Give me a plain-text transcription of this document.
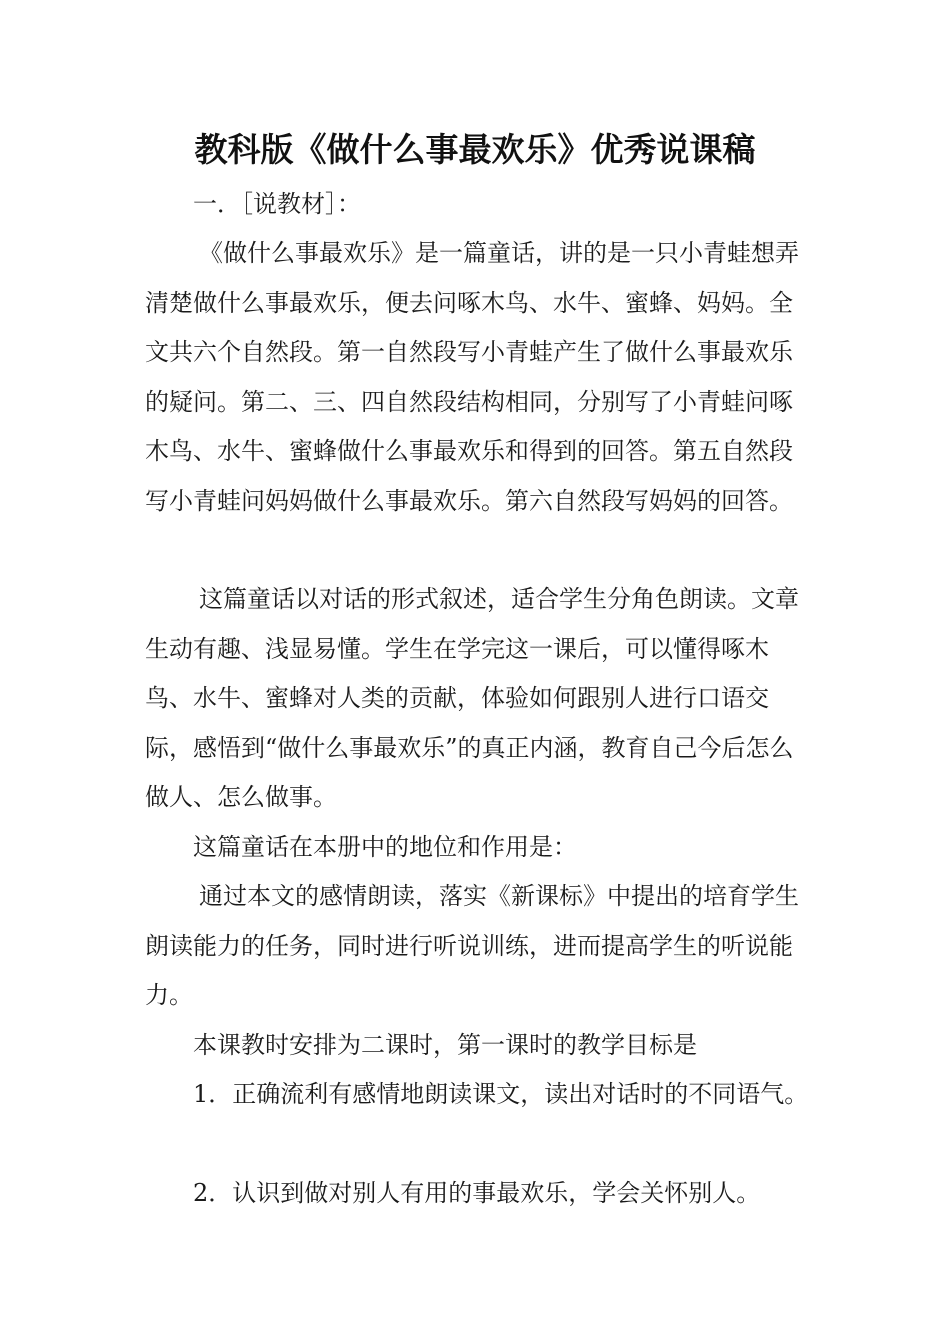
教科版《做什么事最欢乐》优秀说课稿

一．［说教材］：

《做什么事最欢乐》是一篇童话，讲的是一只小青蛙想弄清楚做什么事最欢乐，便去问啄木鸟、水牛、蜜蜂、妈妈。全文共六个自然段。第一自然段写小青蛙产生了做什么事最欢乐的疑问。第二、三、四自然段结构相同，分别写了小青蛙问啄木鸟、水牛、蜜蜂做什么事最欢乐和得到的回答。第五自然段写小青蛙问妈妈做什么事最欢乐。第六自然段写妈妈的回答。

这篇童话以对话的形式叙述，适合学生分角色朗读。文章生动有趣、浅显易懂。学生在学完这一课后，可以懂得啄木鸟、水牛、蜜蜂对人类的贡献，体验如何跟别人进行口语交际，感悟到“做什么事最欢乐”的真正内涵，教育自己今后怎么做人、怎么做事。

这篇童话在本册中的地位和作用是：

通过本文的感情朗读，落实《新课标》中提出的培育学生朗读能力的任务，同时进行听说训练，进而提高学生的听说能力。

本课教时安排为二课时，第一课时的教学目标是

1．正确流利有感情地朗读课文，读出对话时的不同语气。

2．认识到做对别人有用的事最欢乐，学会关怀别人。
